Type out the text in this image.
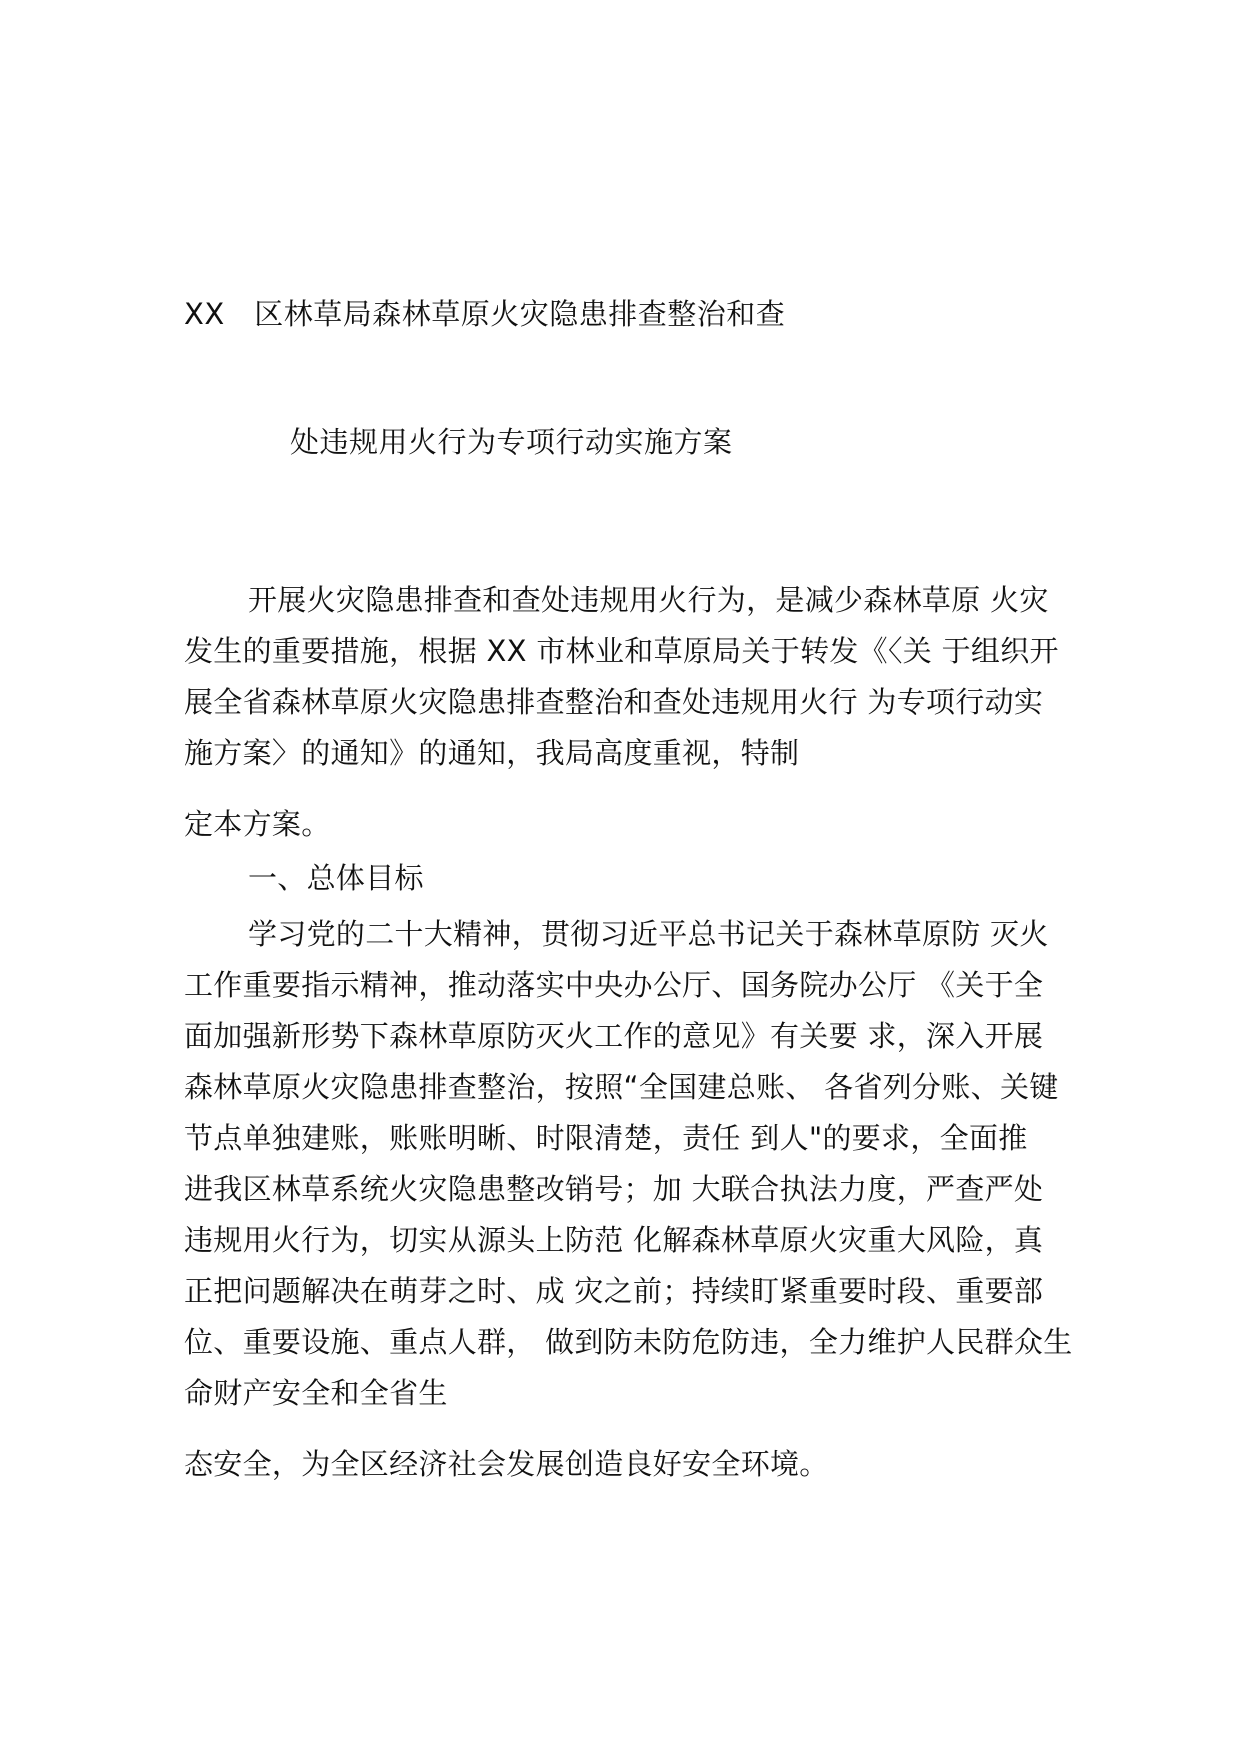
XX　区林草局森林草原火灾隐患排查整治和查
处违规用火行为专项行动实施方案
开展火灾隐患排查和查处违规用火行为，是减少森林草原 火灾
发生的重要措施，根据 XX 市林业和草原局关于转发《〈关 于组织开
展全省森林草原火灾隐患排查整治和查处违规用火行 为专项行动实
施方案〉的通知》的通知，我局高度重视，特制
定本方案。
一、总体目标
学习党的二十大精神，贯彻习近平总书记关于森林草原防 灭火
工作重要指示精神，推动落实中央办公厅、国务院办公厅 《关于全
面加强新形势下森林草原防灭火工作的意见》有关要 求，深入开展
森林草原火灾隐患排查整治，按照“全国建总账、 各省列分账、关键
节点单独建账，账账明晰、时限清楚，责任 到人"的要求，全面推
进我区林草系统火灾隐患整改销号；加 大联合执法力度，严查严处
违规用火行为，切实从源头上防范 化解森林草原火灾重大风险，真
正把问题解决在萌芽之时、成 灾之前；持续盯紧重要时段、重要部
位、重要设施、重点人群， 做到防未防危防违，全力维护人民群众生
命财产安全和全省生
态安全，为全区经济社会发展创造良好安全环境。
